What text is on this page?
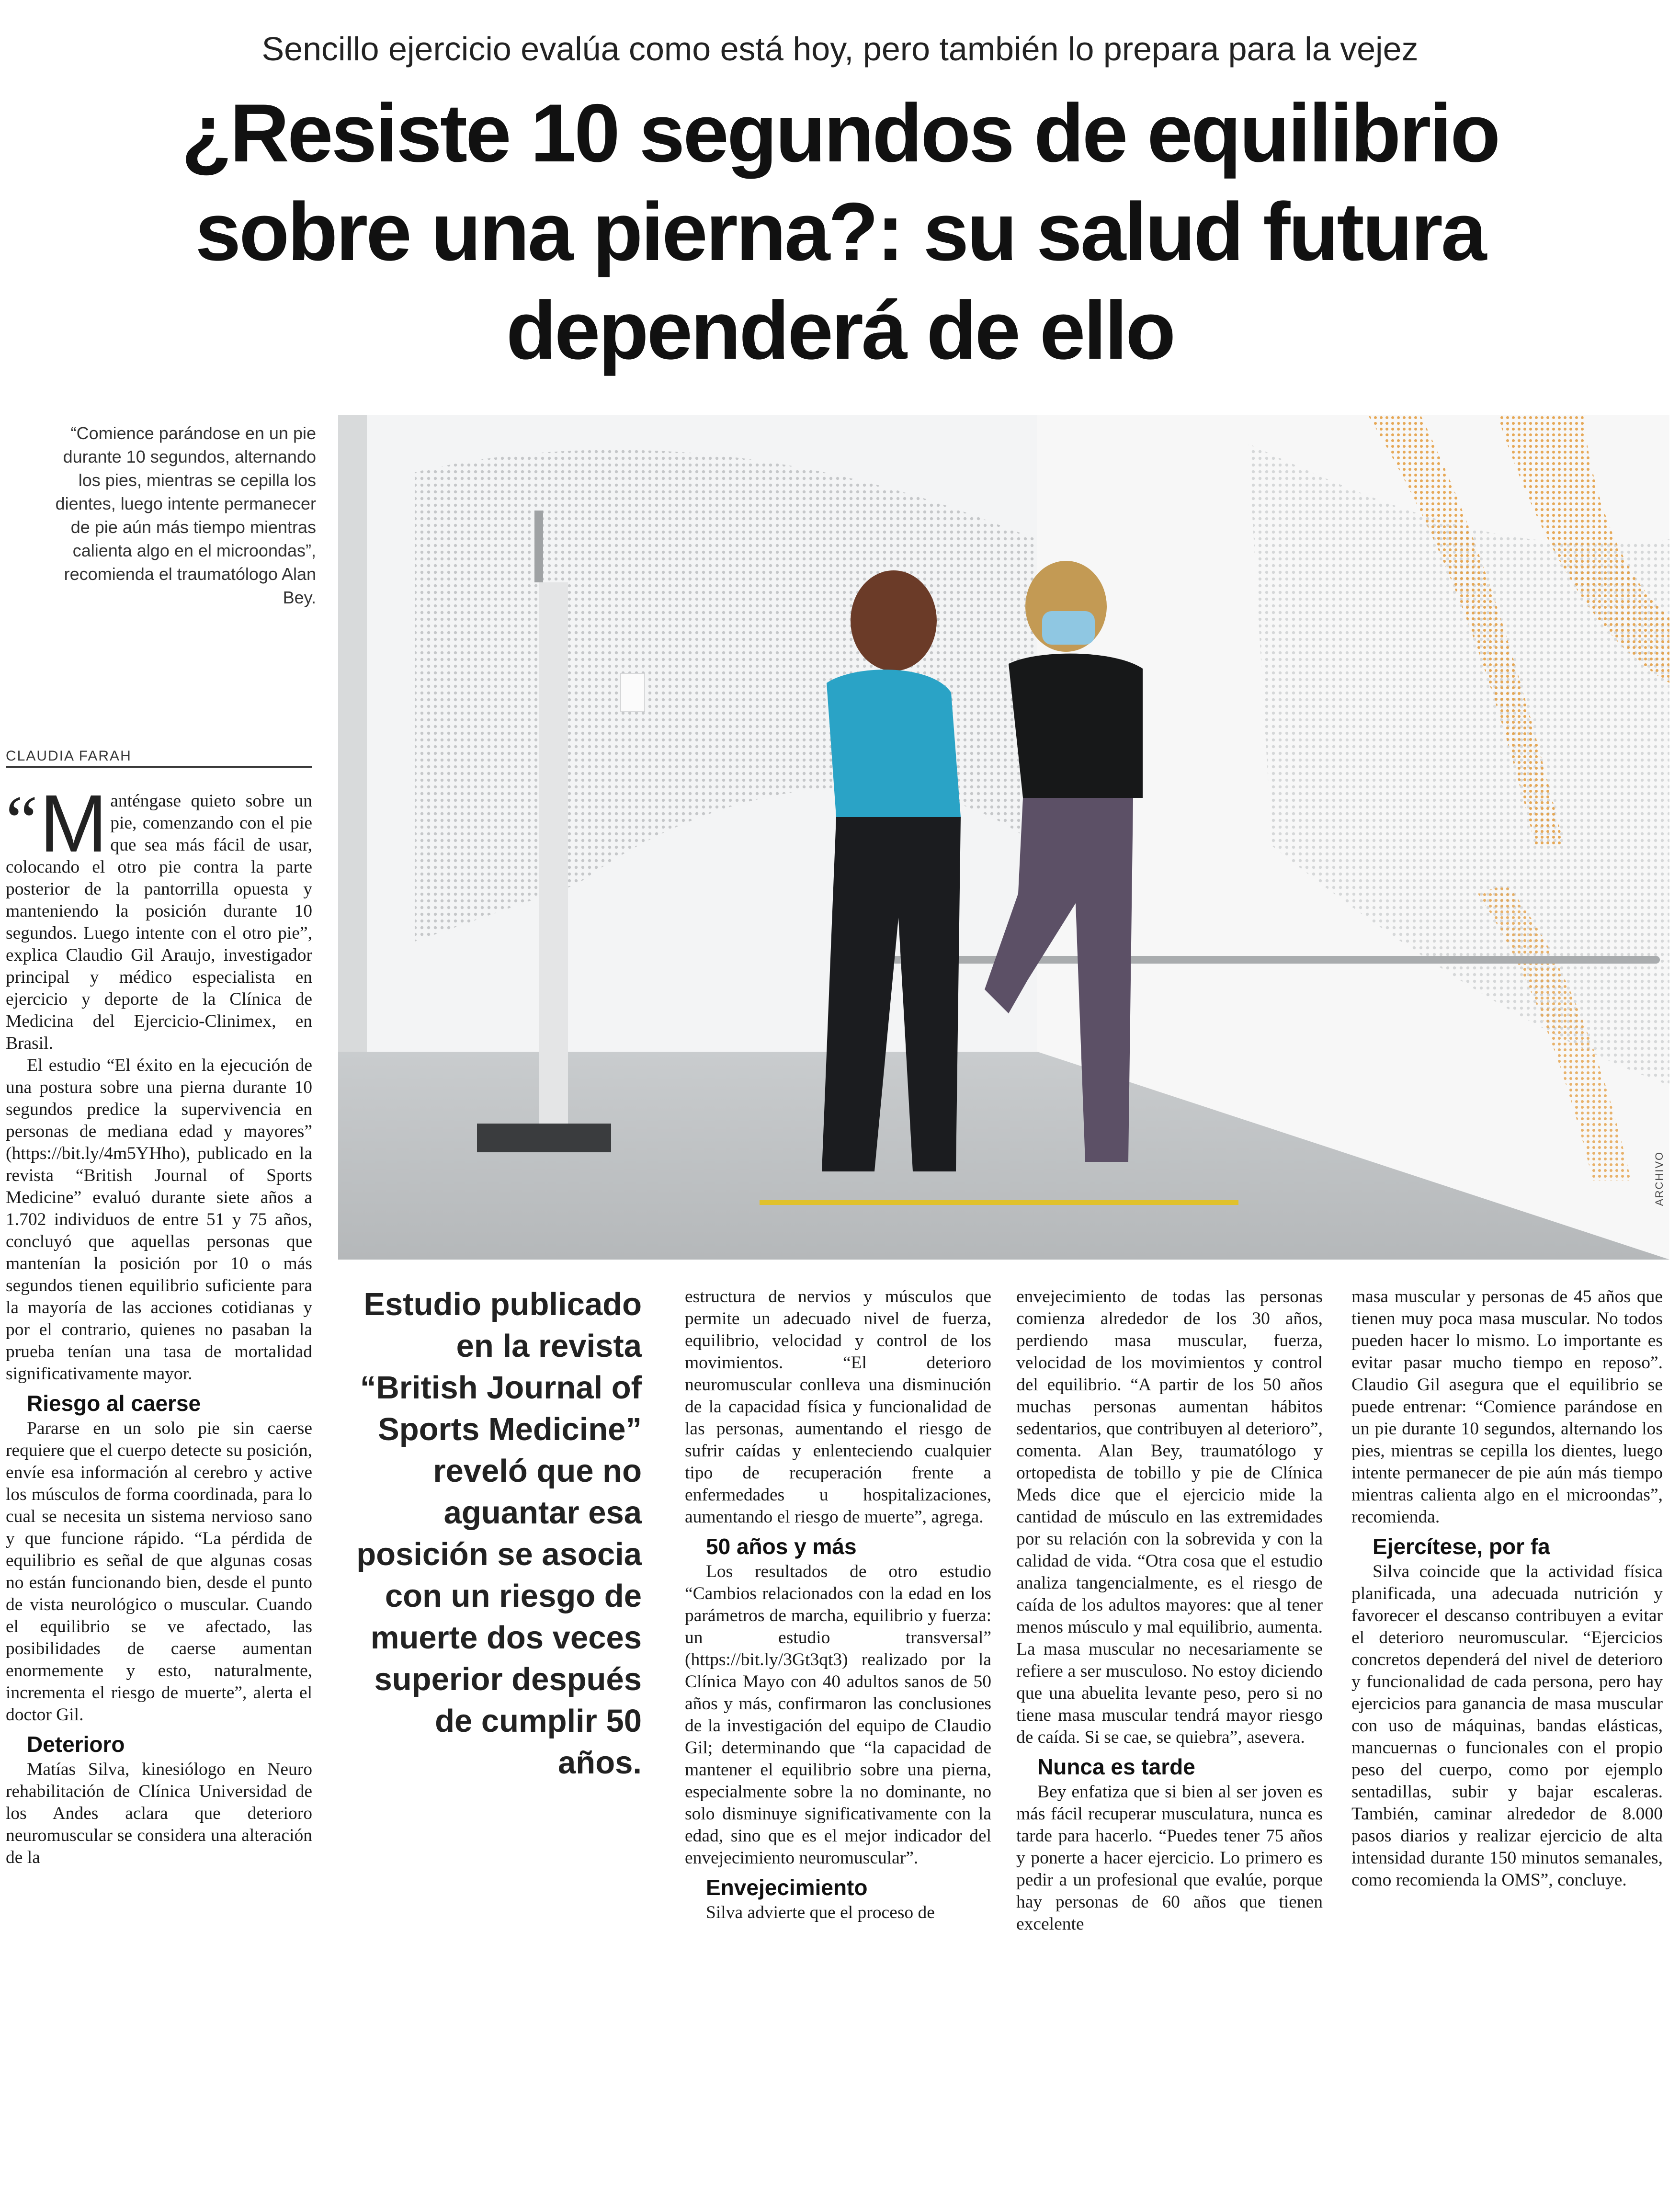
Sencillo ejercicio evalúa como está hoy, pero también lo prepara para la vejez
¿Resiste 10 segundos de equilibrio
sobre una pierna?: su salud futura
dependerá de ello
“Comience parándose en un pie durante 10 segundos, alternando los pies, mientras se cepilla los dientes, luego intente permanecer de pie aún más tiempo mientras calienta algo en el microondas”, recomienda el traumatólogo Alan Bey.
ARCHIVO
CLAUDIA FARAH

“ M anténgase quieto sobre un pie, comenzando con el pie que sea más fácil de usar, colocando el otro pie contra la parte posterior de la pantorrilla opuesta y manteniendo la posición durante 10 segundos. Luego intente con el otro pie”, explica Claudio Gil Araujo, investigador principal y médico especialista en ejercicio y deporte de la Clínica de Medicina del Ejercicio-Clinimex, en Brasil.

El estudio “El éxito en la ejecución de una postura sobre una pierna durante 10 segundos predice la supervivencia en personas de mediana edad y mayores” (https://bit.ly/4m5YHho), publicado en la revista “British Journal of Sports Medicine” evaluó durante siete años a 1.702 individuos de entre 51 y 75 años, concluyó que aquellas personas que mantenían la posición por 10 o más segundos tienen equilibrio suficiente para la mayoría de las acciones cotidianas y por el contrario, quienes no pasaban la prueba tenían una tasa de mortalidad significativamente mayor.

Riesgo al caerse

Pararse en un solo pie sin caerse requiere que el cuerpo detecte su posición, envíe esa información al cerebro y active los músculos de forma coordinada, para lo cual se necesita un sistema nervioso sano y que funcione rápido. “La pérdida de equilibrio es señal de que algunas cosas no están funcionando bien, desde el punto de vista neurológico o muscular. Cuando el equilibrio se ve afectado, las posibilidades de caerse aumentan enormemente y esto, naturalmente, incrementa el riesgo de muerte”, alerta el doctor Gil.

Deterioro

Matías Silva, kinesiólogo en Neuro rehabilitación de Clínica Universidad de los Andes aclara que deterioro neuromuscular se considera una alteración de la

Estudio publicado en la revista “British Journal of Sports Medicine” reveló que no aguantar esa posición se asocia con un riesgo de muerte dos veces superior después de cumplir 50 años.

estructura de nervios y músculos que permite un adecuado nivel de fuerza, equilibrio, velocidad y control de los movimientos. “El deterioro neuromuscular conlleva una disminución de la capacidad física y funcionalidad de las personas, aumentando el riesgo de sufrir caídas y enlenteciendo cualquier tipo de recuperación frente a enfermedades u hospitalizaciones, aumentando el riesgo de muerte”, agrega.

50 años y más

Los resultados de otro estudio “Cambios relacionados con la edad en los parámetros de marcha, equilibrio y fuerza: un estudio transversal” (https://bit.ly/3Gt3qt3) realizado por la Clínica Mayo con 40 adultos sanos de 50 años y más, confirmaron las conclusiones de la investigación del equipo de Claudio Gil; determinando que “la capacidad de mantener el equilibrio sobre una pierna, especialmente sobre la no dominante, no solo disminuye significativamente con la edad, sino que es el mejor indicador del envejecimiento neuromuscular”.

Envejecimiento

Silva advierte que el proceso de

envejecimiento de todas las personas comienza alrededor de los 30 años, perdiendo masa muscular, fuerza, velocidad de los movimientos y control del equilibrio. “A partir de los 50 años muchas personas aumentan hábitos sedentarios, que contribuyen al deterioro”, comenta. Alan Bey, traumatólogo y ortopedista de tobillo y pie de Clínica Meds dice que el ejercicio mide la cantidad de músculo en las extremidades por su relación con la sobrevida y con la calidad de vida. “Otra cosa que el estudio analiza tangencialmente, es el riesgo de caída de los adultos mayores: que al tener menos músculo y mal equilibrio, aumenta. La masa muscular no necesariamente se refiere a ser musculoso. No estoy diciendo que una abuelita levante peso, pero si no tiene masa muscular tendrá mayor riesgo de caída. Si se cae, se quiebra”, asevera.

Nunca es tarde

Bey enfatiza que si bien al ser joven es más fácil recuperar musculatura, nunca es tarde para hacerlo. “Puedes tener 75 años y ponerte a hacer ejercicio. Lo primero es pedir a un profesional que evalúe, porque hay personas de 60 años que tienen excelente

masa muscular y personas de 45 años que tienen muy poca masa muscular. No todos pueden hacer lo mismo. Lo importante es evitar pasar mucho tiempo en reposo”. Claudio Gil asegura que el equilibrio se puede entrenar: “Comience parándose en un pie durante 10 segundos, alternando los pies, mientras se cepilla los dientes, luego intente permanecer de pie aún más tiempo mientras calienta algo en el microondas”, recomienda.

Ejercítese, por fa

Silva coincide que la actividad física planificada, una adecuada nutrición y favorecer el descanso contribuyen a evitar el deterioro neuromuscular. “Ejercicios concretos dependerá del nivel de deterioro y funcionalidad de cada persona, pero hay ejercicios para ganancia de masa muscular con uso de máquinas, bandas elásticas, mancuernas o funcionales con el propio peso del cuerpo, como por ejemplo sentadillas, subir y bajar escaleras. También, caminar alrededor de 8.000 pasos diarios y realizar ejercicio de alta intensidad durante 150 minutos semanales, como recomienda la OMS”, concluye.
